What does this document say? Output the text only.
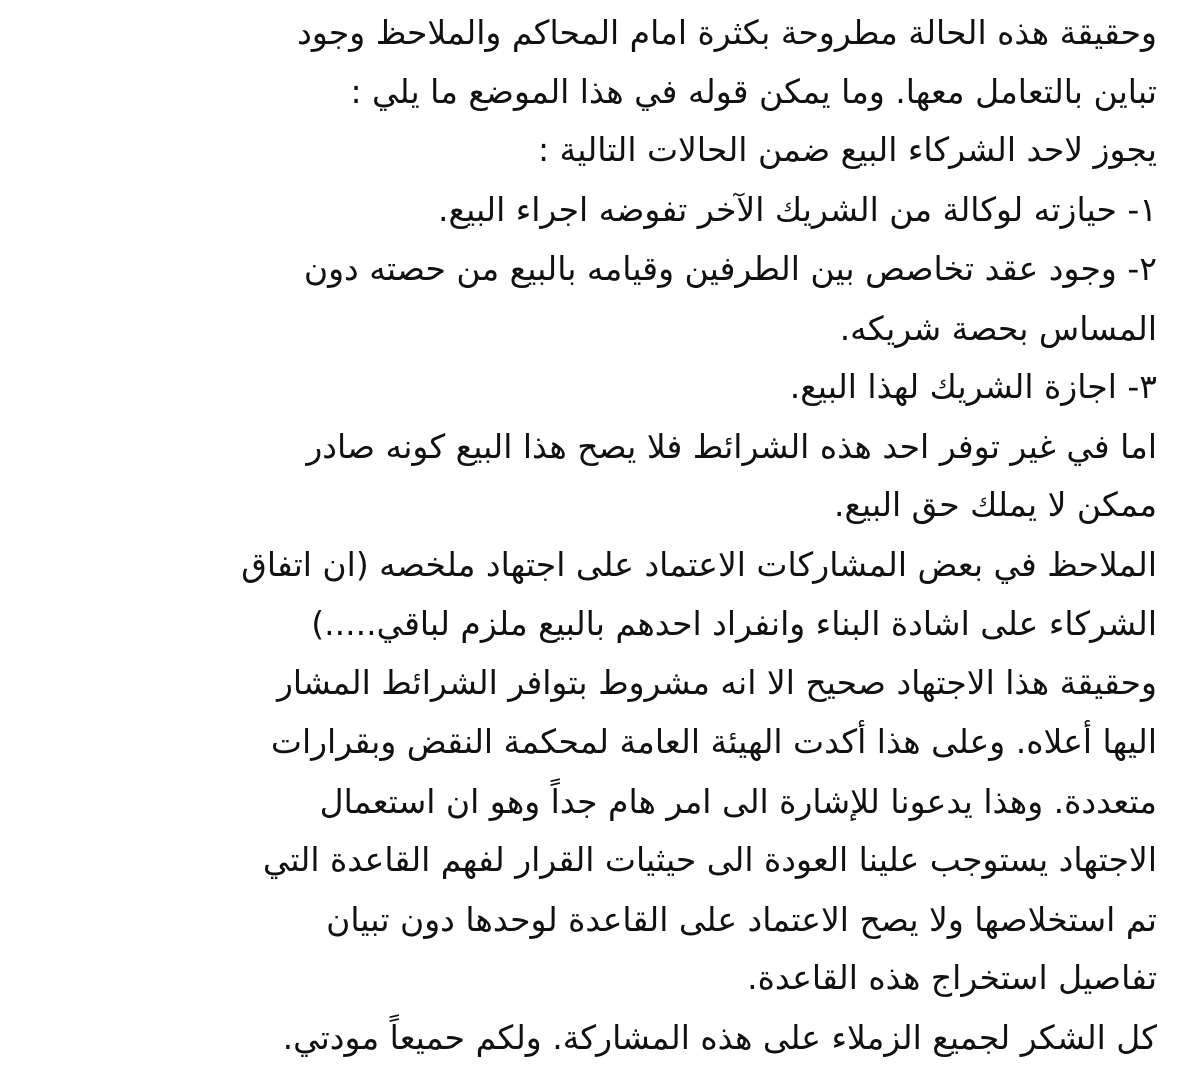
وحقيقة هذه الحالة مطروحة بكثرة امام المحاكم والملاحظ وجود
تباين بالتعامل معها. وما يمكن قوله في هذا الموضع ما يلي :
يجوز لاحد الشركاء البيع ضمن الحالات التالية :
١- حيازته لوكالة من الشريك الآخر تفوضه اجراء البيع.
٢- وجود عقد تخاصص بين الطرفين وقيامه بالبيع من حصته دون
المساس بحصة شريكه.
٣- اجازة الشريك لهذا البيع.
اما في غير توفر احد هذه الشرائط فلا يصح هذا البيع كونه صادر
ممكن لا يملك حق البيع.
الملاحظ في بعض المشاركات الاعتماد على اجتهاد ملخصه (ان اتفاق
الشركاء على اشادة البناء وانفراد احدهم بالبيع ملزم لباقي.....)
وحقيقة هذا الاجتهاد صحيح الا انه مشروط بتوافر الشرائط المشار
اليها أعلاه. وعلى هذا أكدت الهيئة العامة لمحكمة النقض وبقرارات
متعددة. وهذا يدعونا للإشارة الى امر هام جداً وهو ان استعمال
الاجتهاد يستوجب علينا العودة الى حيثيات القرار لفهم القاعدة التي
تم استخلاصها ولا يصح الاعتماد على القاعدة لوحدها دون تبيان
تفاصيل استخراج هذه القاعدة.
كل الشكر لجميع الزملاء على هذه المشاركة. ولكم حميعاً مودتي.
